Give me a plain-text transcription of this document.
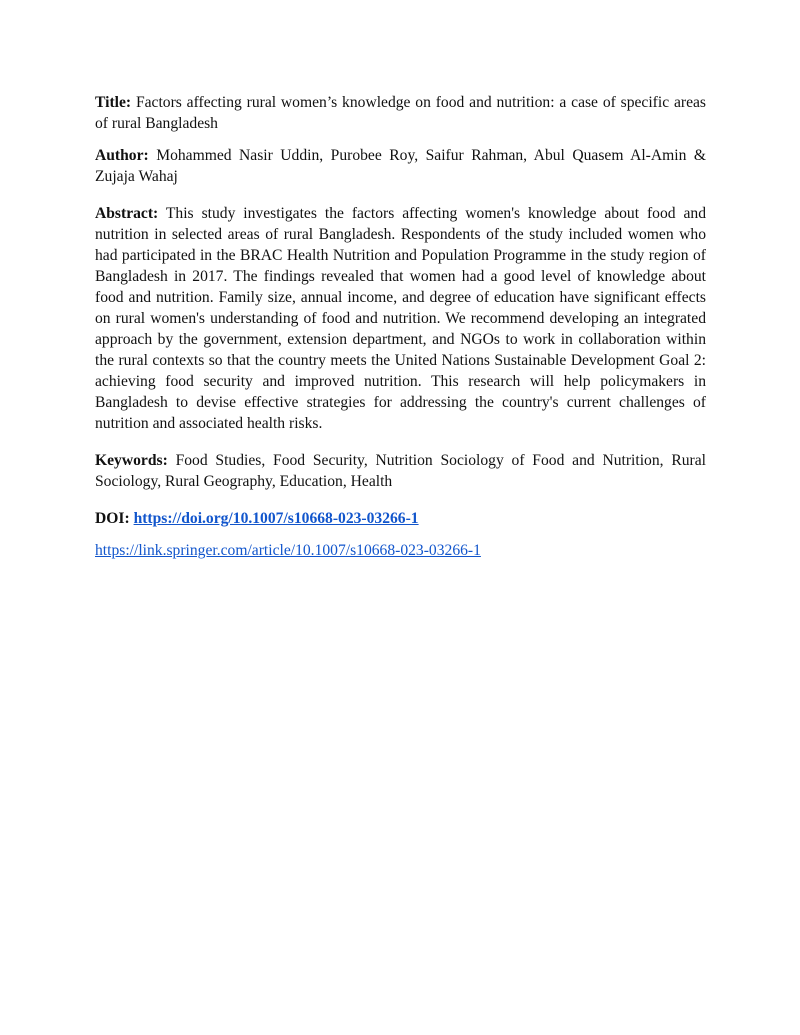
Title: Factors affecting rural women’s knowledge on food and nutrition: a case of specific areas of rural Bangladesh

Author: Mohammed Nasir Uddin, Purobee Roy, Saifur Rahman, Abul Quasem Al-Amin & Zujaja Wahaj

Abstract: This study investigates the factors affecting women's knowledge about food and nutrition in selected areas of rural Bangladesh. Respondents of the study included women who had participated in the BRAC Health Nutrition and Population Programme in the study region of Bangladesh in 2017. The findings revealed that women had a good level of knowledge about food and nutrition. Family size, annual income, and degree of education have significant effects on rural women's understanding of food and nutrition. We recommend developing an integrated approach by the government, extension department, and NGOs to work in collaboration within the rural contexts so that the country meets the United Nations Sustainable Development Goal 2: achieving food security and improved nutrition. This research will help policymakers in Bangladesh to devise effective strategies for addressing the country's current challenges of nutrition and associated health risks.

Keywords: Food Studies, Food Security, Nutrition Sociology of Food and Nutrition, Rural Sociology, Rural Geography, Education, Health

DOI: https://doi.org/10.1007/s10668-023-03266-1

https://link.springer.com/article/10.1007/s10668-023-03266-1
